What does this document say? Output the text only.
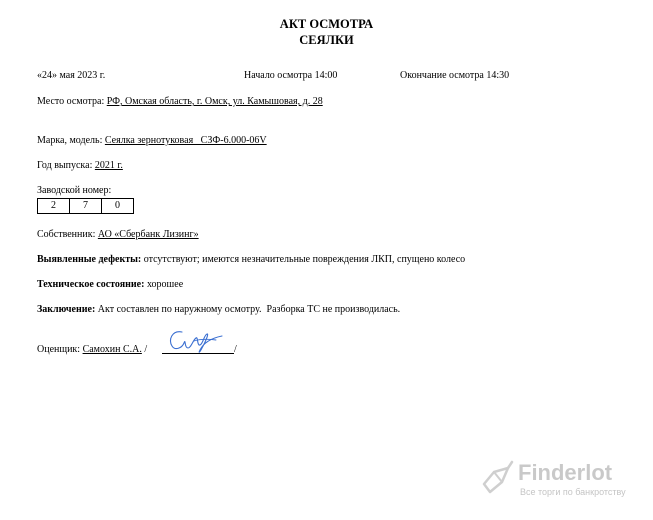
АКТ ОСМОТРА
СЕЯЛКИ
«24» мая 2023 г.	Начало осмотра 14:00	Окончание осмотра 14:30
Место осмотра: РФ, Омская область, г. Омск, ул. Камышовая, д. 28
Марка, модель: Сеялка зернотуковая   СЗФ-6.000-06V
Год выпуска: 2021 г.
Заводской номер:
2	7	0
Собственник: АО «Сбербанк Лизинг»
Выявленные дефекты: отсутствуют; имеются незначительные повреждения ЛКП, спущено колесо
Техническое состояние: хорошее
Заключение: Акт составлен по наружному осмотру.  Разборка ТС не производилась.
Оценщик: Самохин С.А. /	/
Finderlot
Все торги по банкротству
